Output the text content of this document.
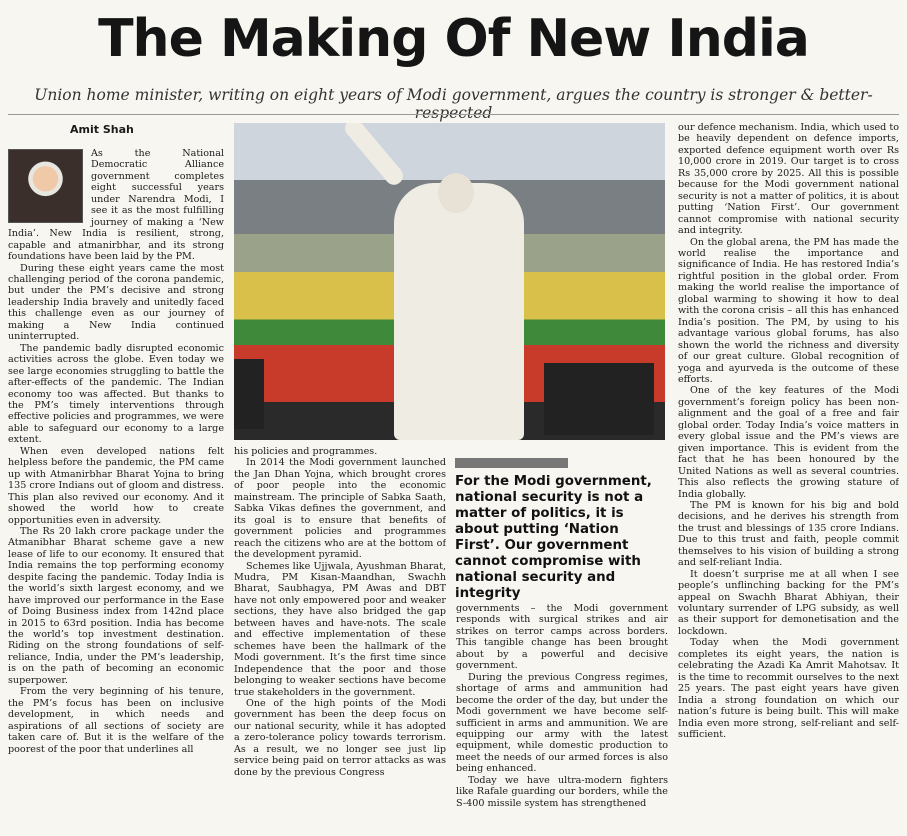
The Making Of New India
Union home minister, writing on eight years of Modi government, argues the country is stronger & better-respected
Amit Shah

As the National Democratic Alliance government completes eight successful years under Narendra Modi, I see it as the most fulfilling journey of making a ‘New India’. New India is resilient, strong, capable and atmanirbhar, and its strong foundations have been laid by the PM.

During these eight years came the most challenging period of the corona pandemic, but under the PM’s decisive and strong leadership India bravely and unitedly faced this challenge even as our journey of making a New India continued uninterrupted.

The pandemic badly disrupted economic activities across the globe. Even today we see large economies struggling to battle the after-effects of the pandemic. The Indian economy too was affected. But thanks to the PM’s timely interventions through effective policies and programmes, we were able to safeguard our economy to a large extent.

When even developed nations felt helpless before the pandemic, the PM came up with Atmanirbhar Bharat Yojna to bring 135 crore Indians out of gloom and distress. This plan also revived our economy. And it showed the world how to create opportunities even in adversity.

The Rs 20 lakh crore package under the Atmanibhar Bharat scheme gave a new lease of life to our economy. It ensured that India remains the top performing economy despite facing the pandemic. Today India is the world’s sixth largest economy, and we have improved our performance in the Ease of Doing Business index from 142nd place in 2015 to 63rd position. India has become the world’s top investment destination. Riding on the strong foundations of self-reliance, India, under the PM’s leadership, is on the path of becoming an economic superpower.

From the very beginning of his tenure, the PM’s focus has been on inclusive development, in which needs and aspirations of all sections of society are taken care of. But it is the welfare of the poorest of the poor that underlines all

his policies and programmes.

In 2014 the Modi government launched the Jan Dhan Yojna, which brought crores of poor people into the economic mainstream. The principle of Sabka Saath, Sabka Vikas defines the government, and its goal is to ensure that benefits of government policies and programmes reach the citizens who are at the bottom of the development pyramid.

Schemes like Ujjwala, Ayushman Bharat, Mudra, PM Kisan-Maandhan, Swachh Bharat, Saubhagya, PM Awas and DBT have not only empowered poor and weaker sections, they have also bridged the gap between haves and have-nots. The scale and effective implementation of these schemes have been the hallmark of the Modi government. It’s the first time since Independence that the poor and those belonging to weaker sections have become true stakeholders in the government.

One of the high points of the Modi government has been the deep focus on our national security, while it has adopted a zero-tolerance policy towards terrorism. As a result, we no longer see just lip service being paid on terror attacks as was done by the previous Congress

For the Modi government, national security is not a matter of politics, it is about putting ‘Nation First’. Our government cannot compromise with national security and integrity

governments – the Modi government responds with surgical strikes and air strikes on terror camps across borders. This tangible change has been brought about by a powerful and decisive government.

During the previous Congress regimes, shortage of arms and ammunition had become the order of the day, but under the Modi government we have become self-sufficient in arms and ammunition. We are equipping our army with the latest equipment, while domestic production to meet the needs of our armed forces is also being enhanced.

Today we have ultra-modern fighters like Rafale guarding our borders, while the S-400 missile system has strengthened

our defence mechanism. India, which used to be heavily dependent on defence imports, exported defence equipment worth over Rs 10,000 crore in 2019. Our target is to cross Rs 35,000 crore by 2025. All this is possible because for the Modi government national security is not a matter of politics, it is about putting ‘Nation First’. Our government cannot compromise with national security and integrity.

On the global arena, the PM has made the world realise the importance and significance of India. He has restored India’s rightful position in the global order. From making the world realise the importance of global warming to showing it how to deal with the corona crisis – all this has enhanced India’s position. The PM, by using to his advantage various global forums, has also shown the world the richness and diversity of our great culture. Global recognition of yoga and ayurveda is the outcome of these efforts.

One of the key features of the Modi government’s foreign policy has been non-alignment and the goal of a free and fair global order. Today India’s voice matters in every global issue and the PM’s views are given importance. This is evident from the fact that he has been honoured by the United Nations as well as several countries. This also reflects the growing stature of India globally.

The PM is known for his big and bold decisions, and he derives his strength from the trust and blessings of 135 crore Indians. Due to this trust and faith, people commit themselves to his vision of building a strong and self-reliant India.

It doesn’t surprise me at all when I see people’s unflinching backing for the PM’s appeal on Swachh Bharat Abhiyan, their voluntary surrender of LPG subsidy, as well as their support for demonetisation and the lockdown.

Today when the Modi government completes its eight years, the nation is celebrating the Azadi Ka Amrit Mahotsav. It is the time to recommit ourselves to the next 25 years. The past eight years have given India a strong foundation on which our nation’s future is being built. This will make India even more strong, self-reliant and self-sufficient.
